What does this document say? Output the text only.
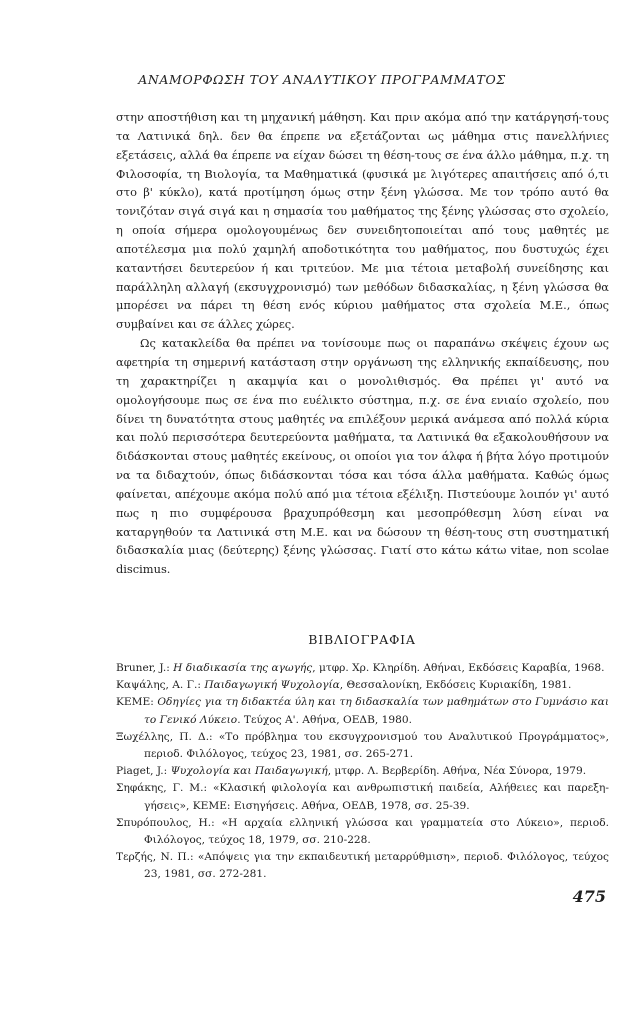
ΑΝΑΜΟΡΦΩΣΗ ΤΟΥ ΑΝΑΛΥΤΙΚΟΥ ΠΡΟΓΡΑΜΜΑΤΟΣ

στην αποστήθιση και τη μηχανική μάθηση. Και πριν ακόμα από την κατάργησή-τους τα Λατινικά δηλ. δεν θα έπρεπε να εξετάζονται ως μάθημα στις πανελλήνιες εξετάσεις, αλλά θα έπρεπε να είχαν δώσει τη θέση-τους σε ένα άλλο μάθημα, π.χ. τη Φιλοσοφία, τη Βιολογία, τα Μαθηματικά (φυσικά με λιγότερες απαιτήσεις από ό,τι στο β' κύκλο), κατά προτίμηση όμως στην ξένη γλώσσα. Με τον τρόπο αυτό θα τονιζόταν σιγά σιγά και η σημασία του μαθήματος της ξένης γλώσσας στο σχολείο, η οποία σήμερα ομολογουμένως δεν συνειδητοποιείται από τους μαθητές με αποτέλεσμα μια πολύ χαμηλή αποδοτικότητα του μαθήματος, που δυστυχώς έχει καταντήσει δευτερεύον ή και τριτεύον. Με μια τέτοια μεταβολή συνείδησης και παράλληλη αλλαγή (εκσυγχρονισμό) των μεθόδων διδασκαλίας, η ξένη γλώσσα θα μπορέσει να πάρει τη θέση ενός κύριου μαθήματος στα σχολεία Μ.Ε., όπως συμβαίνει και σε άλλες χώρες.

Ως κατακλείδα θα πρέπει να τονίσουμε πως οι παραπάνω σκέψεις έχουν ως αφετηρία τη σημερινή κατάσταση στην οργάνωση της ελληνικής εκπαίδευσης, που τη χαρακτηρίζει η ακαμψία και ο μονολιθισμός. Θα πρέπει γι' αυτό να ομολογήσουμε πως σε ένα πιο ευέλικτο σύστημα, π.χ. σε ένα ενιαίο σχολείο, που δίνει τη δυνατότητα στους μαθητές να επιλέξουν μερικά ανάμεσα από πολλά κύρια και πολύ περισσότερα δευτερεύοντα μαθήματα, τα Λατινικά θα εξακολουθήσουν να διδάσκονται στους μαθητές εκείνους, οι οποίοι για τον άλφα ή βήτα λόγο προτιμούν να τα διδαχτούν, όπως διδάσκονται τόσα και τόσα άλλα μαθήματα. Καθώς όμως φαίνεται, απέχουμε ακόμα πολύ από μια τέτοια εξέλιξη. Πιστεύουμε λοιπόν γι' αυτό πως η πιο συμφέρουσα βραχυπρόθεσμη και μεσοπρόθεσμη λύση είναι να καταργηθούν τα Λατινικά στη Μ.Ε. και να δώσουν τη θέση-τους στη συστηματική διδασκαλία μιας (δεύτερης) ξένης γλώσσας. Γιατί στο κάτω κάτω vitae, non scolae discimus.

ΒΙΒΛΙΟΓΡΑΦΙΑ
Bruner, J.: Η διαδικασία της αγωγής, μτφρ. Χρ. Κληρίδη. Αθήναι, Εκδόσεις Καραβία, 1968.
Καψάλης, Α. Γ.: Παιδαγωγική Ψυχολογία, Θεσσαλονίκη, Εκδόσεις Κυριακίδη, 1981.
ΚΕΜΕ: Οδηγίες για τη διδακτέα ύλη και τη διδασκαλία των μαθημάτων στο Γυμνάσιο και το Γενικό Λύκειο. Τεύχος Α'. Αθήνα, ΟΕΔΒ, 1980.
Ξωχέλλης, Π. Δ.: «Το πρόβλημα του εκσυγχρονισμού του Αναλυτικού Προγράμματος», περιοδ. Φιλόλογος, τεύχος 23, 1981, σσ. 265-271.
Piaget, J.: Ψυχολογία και Παιδαγωγική, μτφρ. Λ. Βερβερίδη. Αθήνα, Νέα Σύνορα, 1979.
Σηφάκης, Γ. Μ.: «Κλασική φιλολογία και ανθρωπιστική παιδεία, Αλήθειες και παρεξηγήσεις», ΚΕΜΕ: Εισηγήσεις. Αθήνα, ΟΕΔΒ, 1978, σσ. 25-39.
Σπυρόπουλος, Η.: «Η αρχαία ελληνική γλώσσα και γραμματεία στο Λύκειο», περιοδ. Φιλόλογος, τεύχος 18, 1979, σσ. 210-228.
Τερζής, Ν. Π.: «Απόψεις για την εκπαιδευτική μεταρρύθμιση», περιοδ. Φιλόλογος, τεύχος 23, 1981, σσ. 272-281.
475
